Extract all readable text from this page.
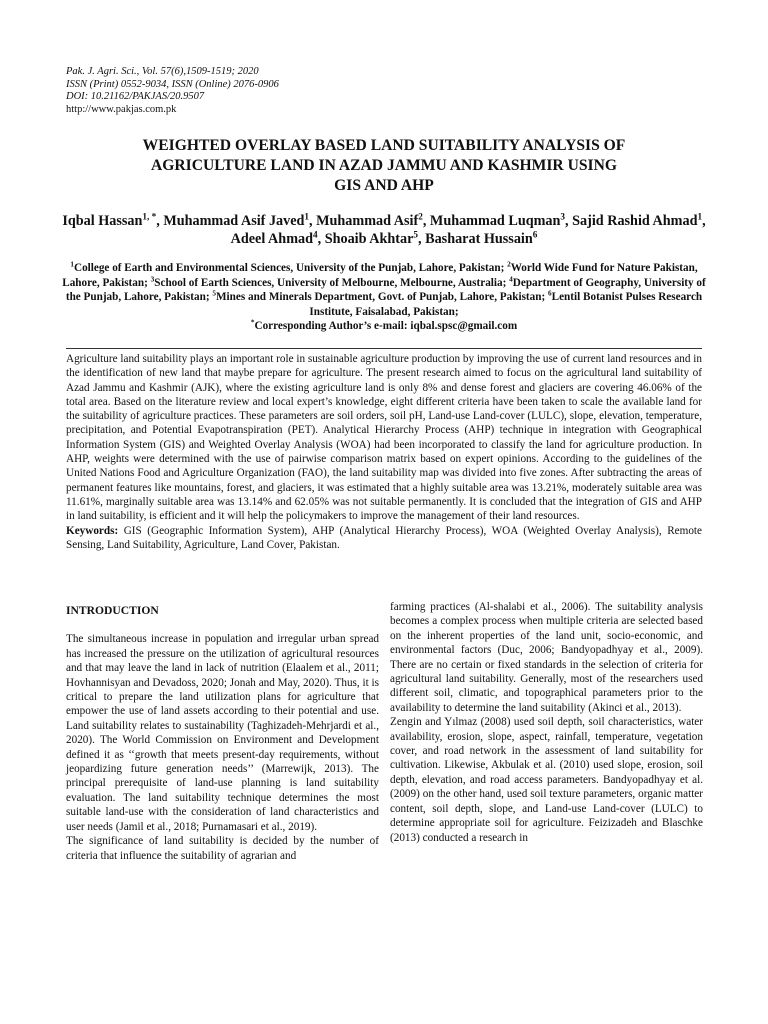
Pak. J. Agri. Sci., Vol. 57(6),1509-1519; 2020
ISSN (Print) 0552-9034, ISSN (Online) 2076-0906
DOI: 10.21162/PAKJAS/20.9507
http://www.pakjas.com.pk
WEIGHTED OVERLAY BASED LAND SUITABILITY ANALYSIS OF
AGRICULTURE LAND IN AZAD JAMMU AND KASHMIR USING
GIS AND AHP
Iqbal Hassan$^{1, *}$, Muhammad Asif Javed$^1$, Muhammad Asif$^2$, Muhammad Luqman$^3$, Sajid Rashid Ahmad$^1$, Adeel Ahmad$^4$, Shoaib Akhtar$^5$, Basharat Hussain$^6$
$^1$College of Earth and Environmental Sciences, University of the Punjab, Lahore, Pakistan; $^2$World Wide Fund for Nature Pakistan, Lahore, Pakistan; $^3$School of Earth Sciences, University of Melbourne, Melbourne, Australia; $^4$Department of Geography, University of the Punjab, Lahore, Pakistan; $^5$Mines and Minerals Department, Govt. of Punjab, Lahore, Pakistan; $^6$Lentil Botanist Pulses Research Institute, Faisalabad, Pakistan;
*Corresponding Author’s e-mail: iqbal.spsc@gmail.com

Agriculture land suitability plays an important role in sustainable agriculture production by improving the use of current land resources and in the identification of new land that maybe prepare for agriculture. The present research aimed to focus on the agricultural land suitability of Azad Jammu and Kashmir (AJK), where the existing agriculture land is only 8% and dense forest and glaciers are covering 46.06% of the total area. Based on the literature review and local expert’s knowledge, eight different criteria have been taken to scale the available land for the suitability of agriculture practices. These parameters are soil orders, soil pH, Land-use Land-cover (LULC), slope, elevation, temperature, precipitation, and Potential Evapotranspiration (PET). Analytical Hierarchy Process (AHP) technique in integration with Geographical Information System (GIS) and Weighted Overlay Analysis (WOA) had been incorporated to classify the land for agriculture production. In AHP, weights were determined with the use of pairwise comparison matrix based on expert opinions. According to the guidelines of the United Nations Food and Agriculture Organization (FAO), the land suitability map was divided into five zones. After subtracting the areas of permanent features like mountains, forest, and glaciers, it was estimated that a highly suitable area was 13.21%, moderately suitable area was 11.61%, marginally suitable area was 13.14% and 62.05% was not suitable permanently. It is concluded that the integration of GIS and AHP in land suitability, is efficient and it will help the policymakers to improve the management of their land resources.

Keywords: GIS (Geographic Information System), AHP (Analytical Hierarchy Process), WOA (Weighted Overlay Analysis), Remote Sensing, Land Suitability, Agriculture, Land Cover, Pakistan.

INTRODUCTION

The simultaneous increase in population and irregular urban spread has increased the pressure on the utilization of agricultural resources and that may leave the land in lack of nutrition (Elaalem et al., 2011; Hovhannisyan and Devadoss, 2020; Jonah and May, 2020). Thus, it is critical to prepare the land utilization plans for agriculture that empower the use of land assets according to their potential and use. Land suitability relates to sustainability (Taghizadeh-Mehrjardi et al., 2020). The World Commission on Environment and Development defined it as ‘‘growth that meets present-day requirements, without jeopardizing future generation needs’’ (Marrewijk, 2013). The principal prerequisite of land-use planning is land suitability evaluation. The land suitability technique determines the most suitable land-use with the consideration of land characteristics and user needs (Jamil et al., 2018; Purnamasari et al., 2019).

The significance of land suitability is decided by the number of criteria that influence the suitability of agrarian and

farming practices (Al-shalabi et al., 2006). The suitability analysis becomes a complex process when multiple criteria are selected based on the inherent properties of the land unit, socio-economic, and environmental factors (Duc, 2006; Bandyopadhyay et al., 2009). There are no certain or fixed standards in the selection of criteria for agricultural land suitability. Generally, most of the researchers used different soil, climatic, and topographical parameters prior to the availability to determine the land suitability (Akinci et al., 2013).

Zengin and Yılmaz (2008) used soil depth, soil characteristics, water availability, erosion, slope, aspect, rainfall, temperature, vegetation cover, and road network in the assessment of land suitability for cultivation. Likewise, Akbulak et al. (2010) used slope, erosion, soil depth, elevation, and road access parameters. Bandyopadhyay et al. (2009) on the other hand, used soil texture parameters, organic matter content, soil depth, slope, and Land-use Land-cover (LULC) to determine appropriate soil for agriculture. Feizizadeh and Blaschke (2013) conducted a research in
